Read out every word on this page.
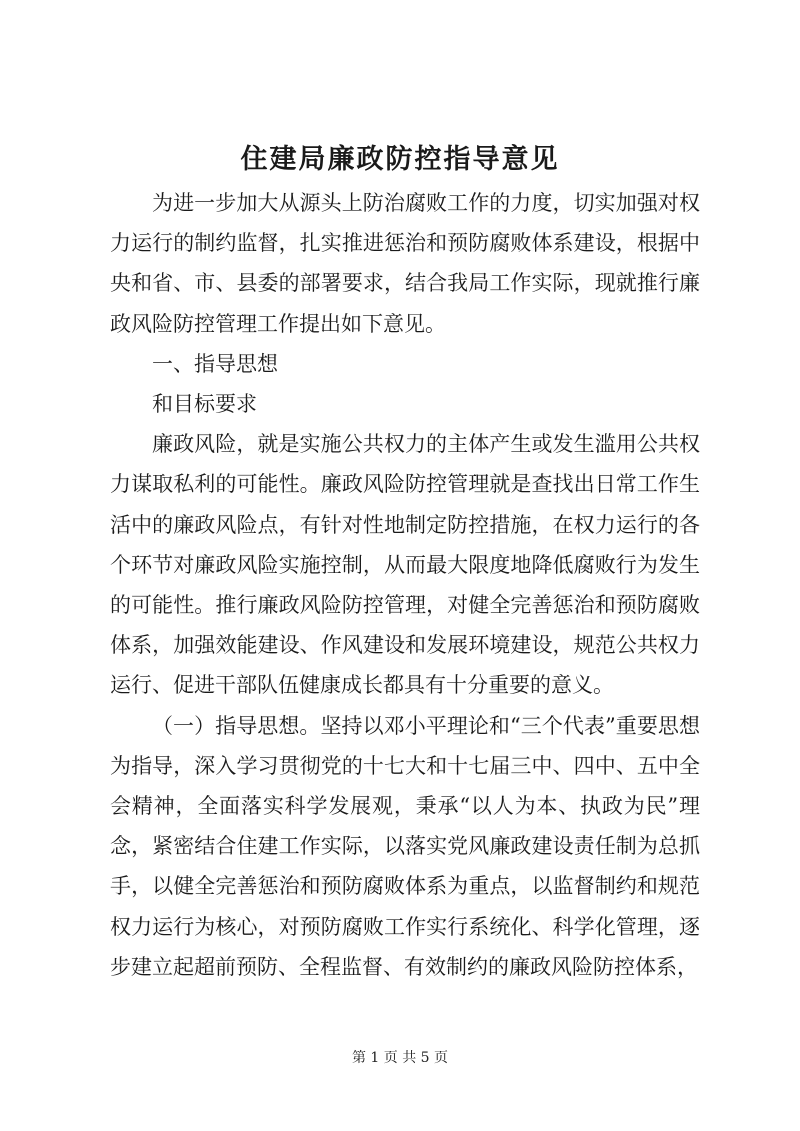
住建局廉政防控指导意见

为进一步加大从源头上防治腐败工作的力度，切实加强对权力运行的制约监督，扎实推进惩治和预防腐败体系建设，根据中央和省、市、县委的部署要求，结合我局工作实际，现就推行廉政风险防控管理工作提出如下意见。

一、指导思想

和目标要求

廉政风险，就是实施公共权力的主体产生或发生滥用公共权力谋取私利的可能性。廉政风险防控管理就是查找出日常工作生活中的廉政风险点，有针对性地制定防控措施，在权力运行的各个环节对廉政风险实施控制，从而最大限度地降低腐败行为发生的可能性。推行廉政风险防控管理，对健全完善惩治和预防腐败体系，加强效能建设、作风建设和发展环境建设，规范公共权力运行、促进干部队伍健康成长都具有十分重要的意义。

（一）指导思想。坚持以邓小平理论和“三个代表”重要思想为指导，深入学习贯彻党的十七大和十七届三中、四中、五中全会精神，全面落实科学发展观，秉承“以人为本、执政为民”理念，紧密结合住建工作实际，以落实党风廉政建设责任制为总抓手，以健全完善惩治和预防腐败体系为重点，以监督制约和规范权力运行为核心，对预防腐败工作实行系统化、科学化管理，逐步建立起超前预防、全程监督、有效制约的廉政风险防控体系，

第 1 页 共 5 页
